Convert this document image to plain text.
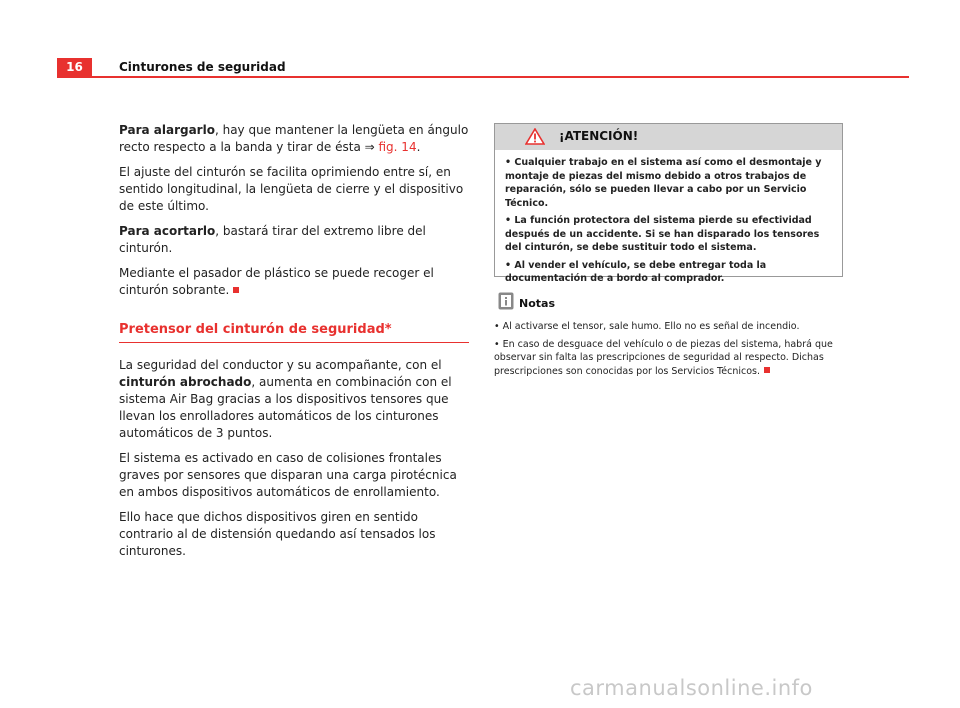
16	Cinturones de seguridad

Para alargarlo, hay que mantener la lengüeta en ángulo recto respecto a la banda y tirar de ésta ⇒ fig. 14.

El ajuste del cinturón se facilita oprimiendo entre sí, en sentido longitudinal, la lengüeta de cierre y el dispositivo de este último.

Para acortarlo, bastará tirar del extremo libre del cinturón.

Mediante el pasador de plástico se puede recoger el cinturón sobrante.

Pretensor del cinturón de seguridad*

La seguridad del conductor y su acompañante, con el cinturón abrochado, aumenta en combinación con el sistema Air Bag gracias a los dispositivos tensores que llevan los enrolladores automáticos de los cinturones automáticos de 3 puntos.

El sistema es activado en caso de colisiones frontales graves por sensores que disparan una carga pirotécnica en ambos dispositivos automáticos de enrollamiento.

Ello hace que dichos dispositivos giren en sentido contrario al de distensión quedando así tensados los cinturones.

¡ATENCIÓN!

• Cualquier trabajo en el sistema así como el desmontaje y montaje de piezas del mismo debido a otros trabajos de reparación, sólo se pueden llevar a cabo por un Servicio Técnico.

• La función protectora del sistema pierde su efectividad después de un accidente. Si se han disparado los tensores del cinturón, se debe sustituir todo el sistema.

• Al vender el vehículo, se debe entregar toda la documentación de a bordo al comprador.

Notas

• Al activarse el tensor, sale humo. Ello no es señal de incendio.

• En caso de desguace del vehículo o de piezas del sistema, habrá que observar sin falta las prescripciones de seguridad al respecto. Dichas prescripciones son conocidas por los Servicios Técnicos.

carmanualsonline.info
